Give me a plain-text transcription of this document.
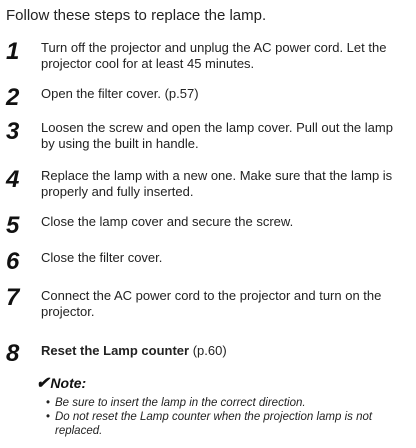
Follow these steps to replace the lamp.
1 Turn off the projector and unplug the AC power cord. Let the projector cool for at least 45 minutes.
2 Open the filter cover. (p.57)
3 Loosen the screw and open the lamp cover. Pull out the lamp by using the built in handle.
4 Replace the lamp with a new one. Make sure that the lamp is properly and fully inserted.
5 Close the lamp cover and secure the screw.
6 Close the filter cover.
7 Connect the AC power cord to the projector and turn on the projector.
8 Reset the Lamp counter (p.60)
✔Note:
• Be sure to insert the lamp in the correct direction.
• Do not reset the Lamp counter when the projection lamp is not replaced.
